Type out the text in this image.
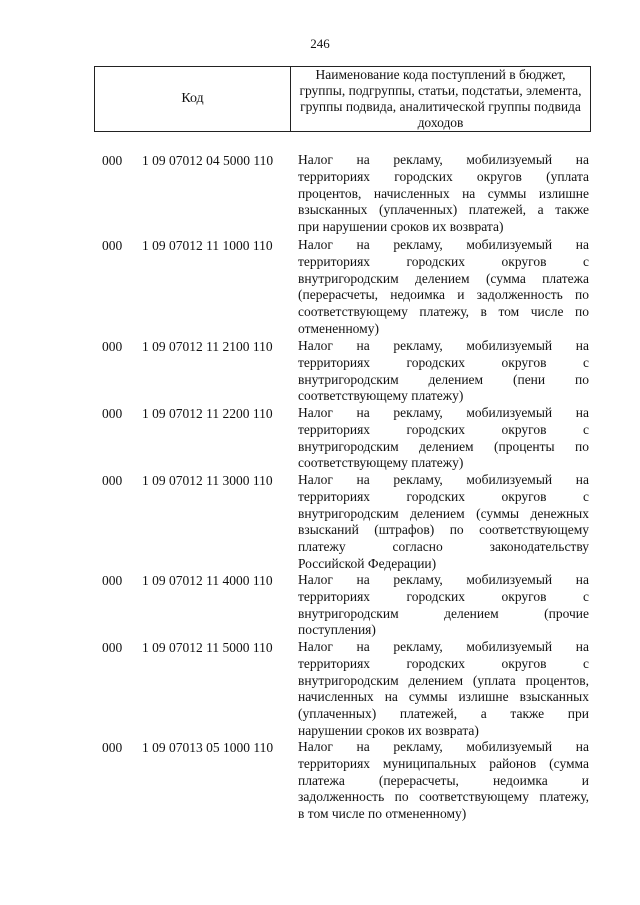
246
Код
Наименование кода поступлений в бюджет, группы, подгруппы, статьи, подстатьи, элемента, группы подвида, аналитической группы подвида доходов
000 1 09 07012 04 5000 110 Налог на рекламу, мобилизуемый на
территориях городских округов (уплата
процентов, начисленных на суммы излишне
взысканных (уплаченных) платежей, а также
при нарушении сроков их возврата)
000 1 09 07012 11 1000 110 Налог на рекламу, мобилизуемый на
территориях городских округов с
внутригородским делением (сумма платежа
(перерасчеты, недоимка и задолженность по
соответствующему платежу, в том числе по
отмененному)
000 1 09 07012 11 2100 110 Налог на рекламу, мобилизуемый на
территориях городских округов с
внутригородским делением (пени по
соответствующему платежу)
000 1 09 07012 11 2200 110 Налог на рекламу, мобилизуемый на
территориях городских округов с
внутригородским делением (проценты по
соответствующему платежу)
000 1 09 07012 11 3000 110 Налог на рекламу, мобилизуемый на
территориях городских округов с
внутригородским делением (суммы денежных
взысканий (штрафов) по соответствующему
платежу согласно законодательству
Российской Федерации)
000 1 09 07012 11 4000 110 Налог на рекламу, мобилизуемый на
территориях городских округов с
внутригородским делением (прочие
поступления)
000 1 09 07012 11 5000 110 Налог на рекламу, мобилизуемый на
территориях городских округов с
внутригородским делением (уплата процентов,
начисленных на суммы излишне взысканных
(уплаченных) платежей, а также при
нарушении сроков их возврата)
000 1 09 07013 05 1000 110 Налог на рекламу, мобилизуемый на
территориях муниципальных районов (сумма
платежа (перерасчеты, недоимка и
задолженность по соответствующему платежу,
в том числе по отмененному)
